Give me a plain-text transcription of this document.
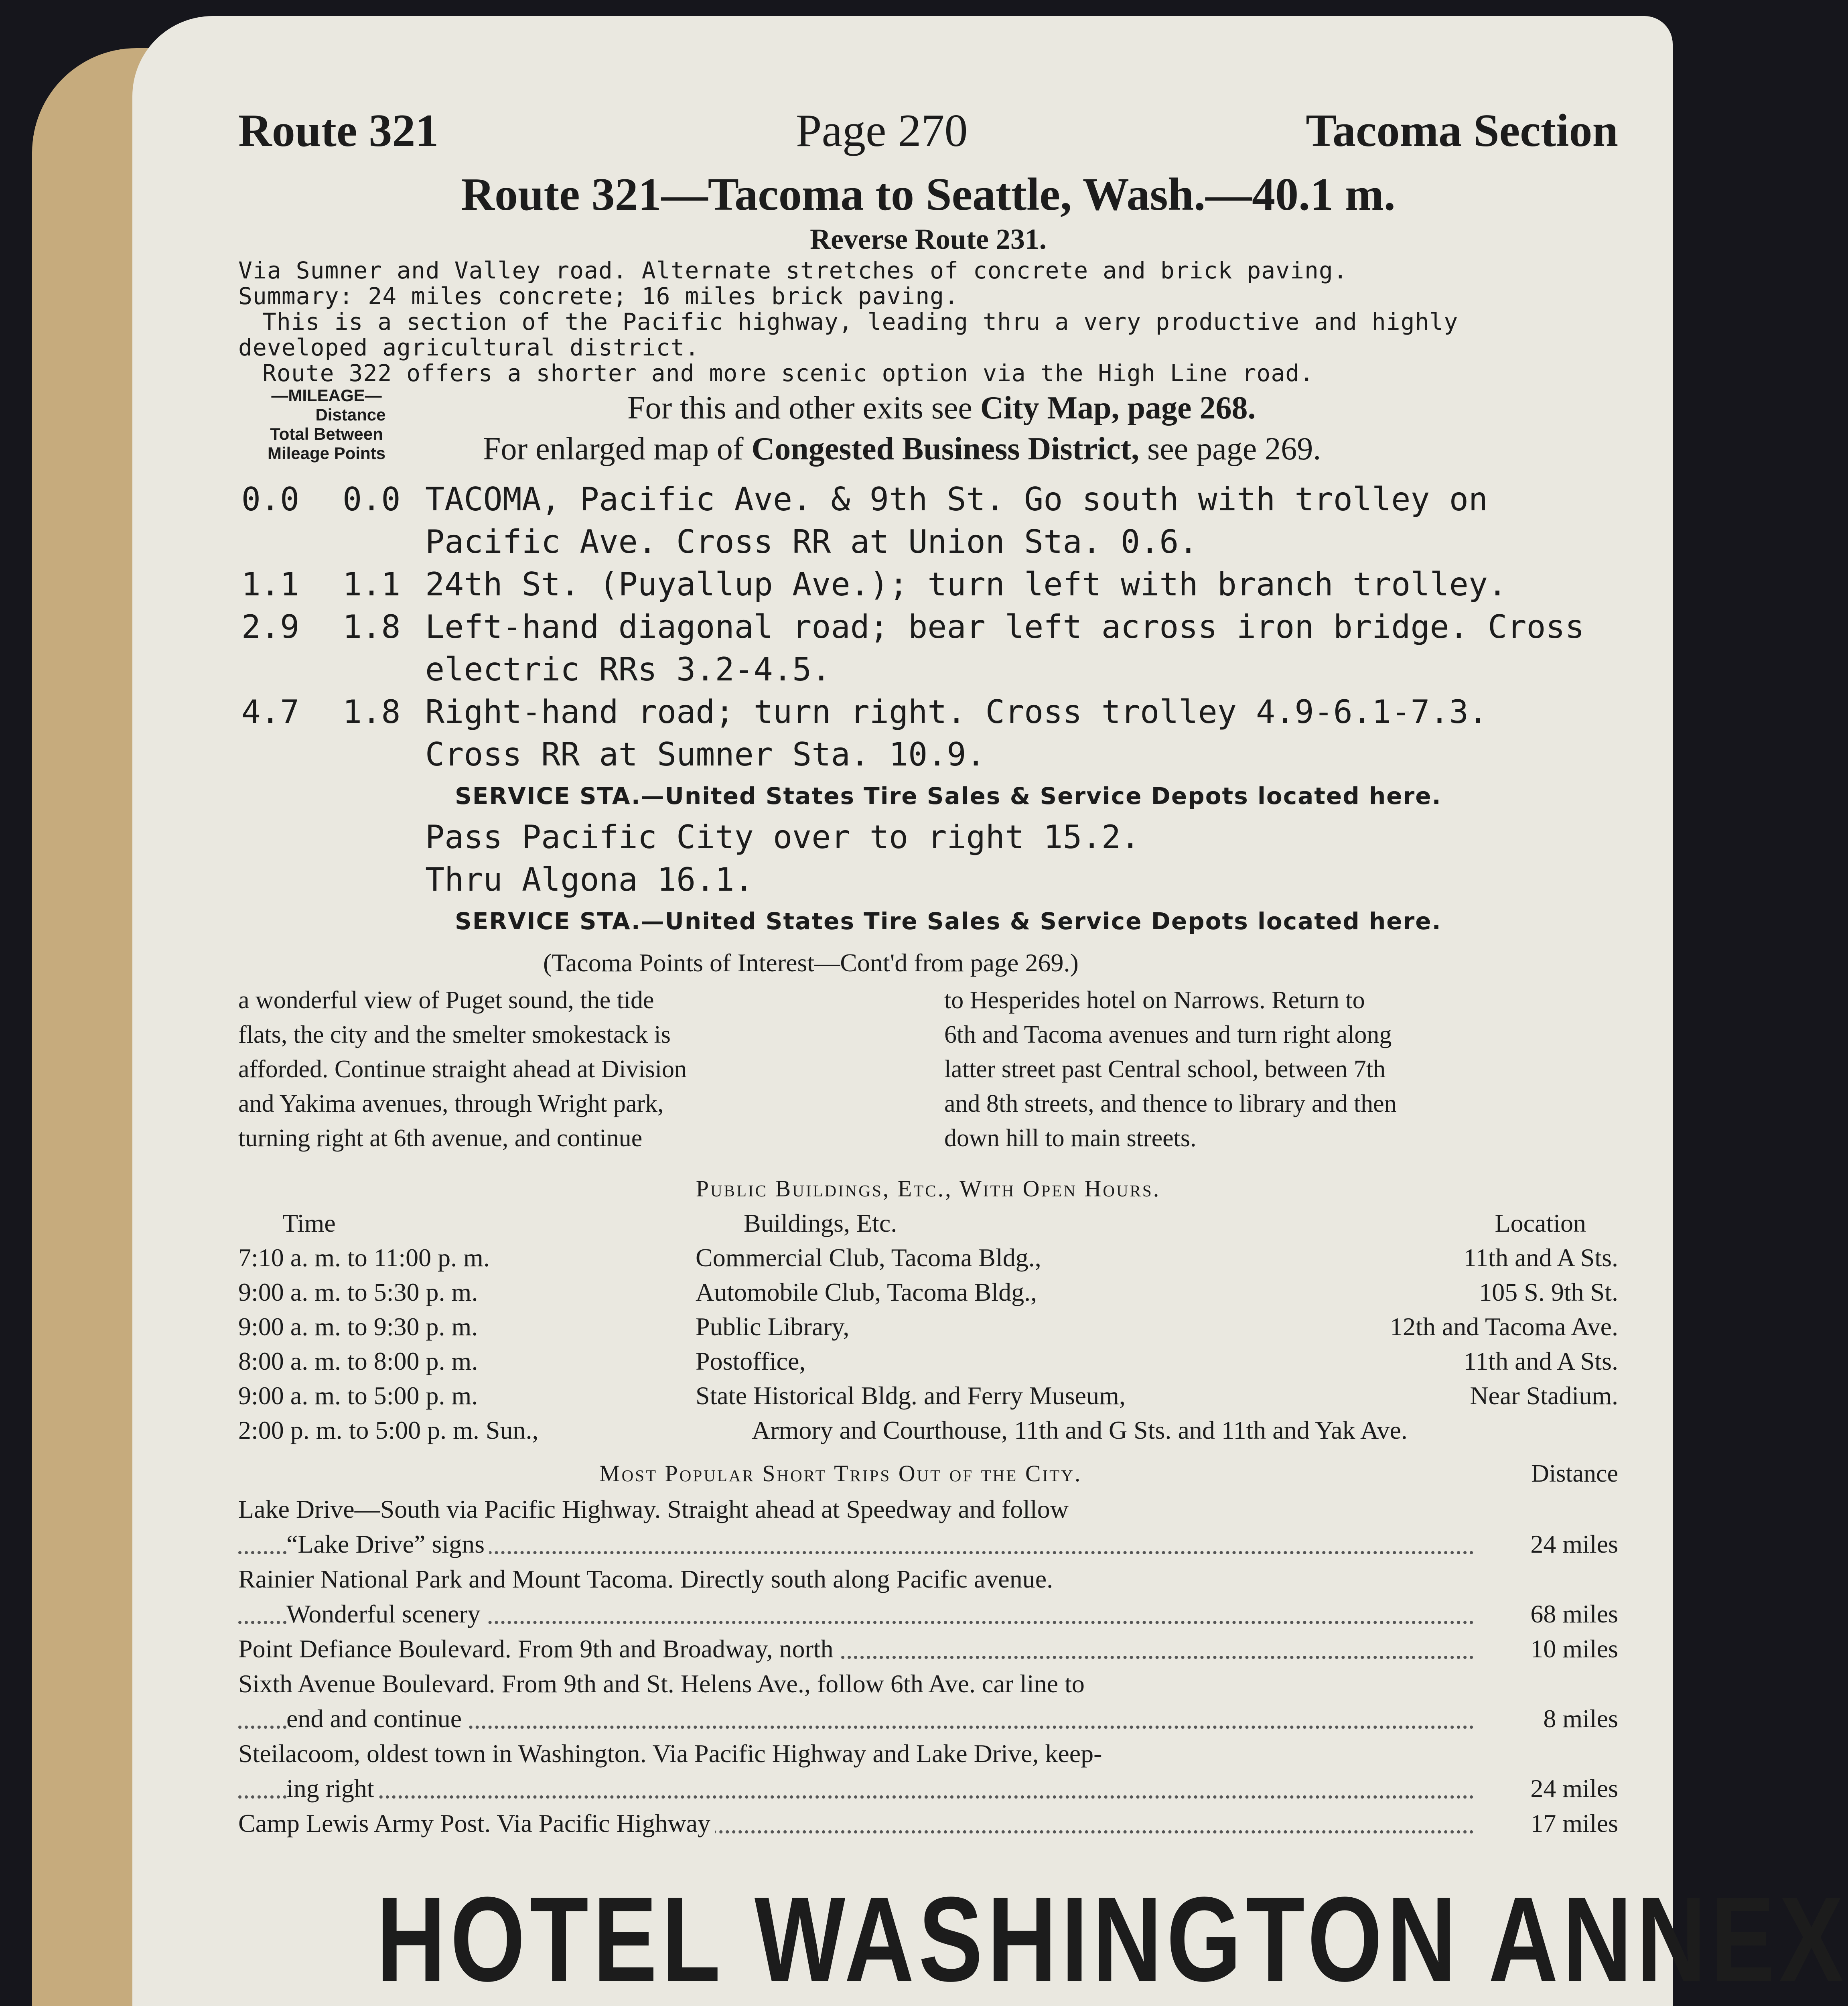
Route 321	Page 270	Tacoma Section
Route 321—Tacoma to Seattle, Wash.—40.1 m.
Reverse Route 231.

Via Sumner and Valley road. Alternate stretches of concrete and brick paving.

Summary: 24 miles concrete; 16 miles brick paving.

This is a section of the Pacific highway, leading thru a very productive and highly

developed agricultural district.

Route 322 offers a shorter and more scenic option via the High Line road.

—MILEAGE—
Distance
Total Between
Mileage Points
For this and other exits see City Map, page 268.
For enlarged map of Congested Business District, see page 269.
0.0 0.0 TACOMA, Pacific Ave. & 9th St. Go south with trolley on
Pacific Ave. Cross RR at Union Sta. 0.6.
1.1 1.1 24th St. (Puyallup Ave.); turn left with branch trolley.
2.9 1.8 Left-hand diagonal road; bear left across iron bridge. Cross
electric RRs 3.2-4.5.
4.7 1.8 Right-hand road; turn right. Cross trolley 4.9-6.1-7.3.
Cross RR at Sumner Sta. 10.9.
SERVICE STA.—United States Tire Sales & Service Depots located here.
Pass Pacific City over to right 15.2.
Thru Algona 16.1.
SERVICE STA.—United States Tire Sales & Service Depots located here.
(Tacoma Points of Interest—Cont'd from page 269.)
a wonderful view of Puget sound, the tide
flats, the city and the smelter smokestack is
afforded. Continue straight ahead at Division
and Yakima avenues, through Wright park,
turning right at 6th avenue, and continue
to Hesperides hotel on Narrows. Return to
6th and Tacoma avenues and turn right along
latter street past Central school, between 7th
and 8th streets, and thence to library and then
down hill to main streets.
Public Buildings, Etc., With Open Hours.
Time	Buildings, Etc.	Location
7:10 a. m. to 11:00 p. m.	Commercial Club, Tacoma Bldg.,	11th and A Sts.
9:00 a. m. to 5:30 p. m.	Automobile Club, Tacoma Bldg.,	105 S. 9th St.
9:00 a. m. to 9:30 p. m.	Public Library,	12th and Tacoma Ave.
8:00 a. m. to 8:00 p. m.	Postoffice,	11th and A Sts.
9:00 a. m. to 5:00 p. m.	State Historical Bldg. and Ferry Museum,	Near Stadium.
2:00 p. m. to 5:00 p. m. Sun.,	Armory and Courthouse, 11th and G Sts. and 11th and Yak Ave.
Most Popular Short Trips Out of the City.	Distance
Lake Drive—South via Pacific Highway. Straight ahead at Speedway and follow
“Lake Drive” signs	24 miles
Rainier National Park and Mount Tacoma. Directly south along Pacific avenue.
Wonderful scenery	68 miles
Point Defiance Boulevard. From 9th and Broadway, north	10 miles
Sixth Avenue Boulevard. From 9th and St. Helens Ave., follow 6th Ave. car line to
end and continue	8 miles
Steilacoom, oldest town in Washington. Via Pacific Highway and Lake Drive, keep-
ing right	24 miles
Camp Lewis Army Post. Via Pacific Highway	17 miles
HOTEL WASHINGTON ANNEX
